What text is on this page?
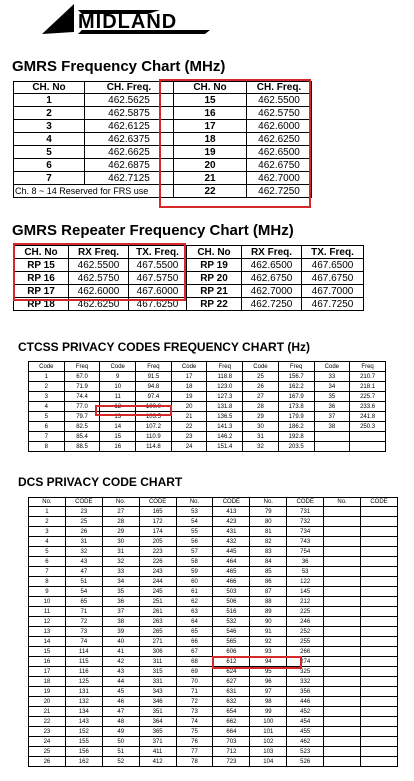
MIDLAND
GMRS Frequency Chart (MHz)
CH. No	CH. Freq.	CH. No	CH. Freq.
1	462.5625	15	462.5500
2	462.5875	16	462.5750
3	462.6125	17	462.6000
4	462.6375	18	462.6250
5	462.6625	19	462.6500
6	462.6875	20	462.6750
7	462.7125	21	462.7000
Ch. 8 ~ 14 Reserved for FRS use		22	462.7250
GMRS Repeater Frequency Chart (MHz)
CH. No	RX Freq.	TX. Freq.	CH. No	RX Freq.	TX. Freq.
RP 15	462.5500	467.5500	RP 19	462.6500	467.6500
RP 16	462.5750	467.5750	RP 20	462.6750	467.6750
RP 17	462.6000	467.6000	RP 21	462.7000	467.7000
RP 18	462.6250	467.6250	RP 22	462.7250	467.7250
CTCSS PRIVACY CODES FREQUENCY CHART (Hz)
Code	Freq	Code	Freq	Code	Freq	Code	Freq	Code	Freq
1	67.0	9	91.5	17	118.8	25	156.7	33	210.7
2	71.9	10	94.8	18	123.0	26	162.2	34	218.1
3	74.4	11	97.4	19	127.3	27	167.9	35	225.7
4	77.0	12	100.0	20	131.8	28	173.8	36	233.6
5	79.7	13	103.5	21	136.5	29	179.9	37	241.8
6	82.5	14	107.2	22	141.3	30	186.2	38	250.3
7	85.4	15	110.9	23	146.2	31	192.8		
8	88.5	16	114.8	24	151.4	32	203.5		
DCS PRIVACY CODE CHART
No.	CODE	No.	CODE	No.	CODE	No.	CODE	No.	CODE
1	23	27	165	53	413	79	731		
2	25	28	172	54	423	80	732		
3	26	29	174	55	431	81	734		
4	31	30	205	56	432	82	743		
5	32	31	223	57	445	83	754		
6	43	32	226	58	464	84	36		
7	47	33	243	59	465	85	53		
8	51	34	244	60	466	86	122		
9	54	35	245	61	503	87	145		
10	65	36	251	62	506	88	212		
11	71	37	261	63	516	89	225		
12	72	38	263	64	532	90	246		
13	73	39	265	65	546	91	252		
14	74	40	271	66	565	92	255		
15	114	41	306	67	606	93	266		
16	115	42	311	68	612	94	274		
17	116	43	315	69	624	95	325		
18	125	44	331	70	627	96	332		
19	131	45	343	71	631	97	356		
20	132	46	346	72	632	98	446		
21	134	47	351	73	654	99	452		
22	143	48	364	74	662	100	454		
23	152	49	365	75	664	101	455		
24	155	50	371	76	703	102	462		
25	156	51	411	77	712	103	523		
26	162	52	412	78	723	104	526		
